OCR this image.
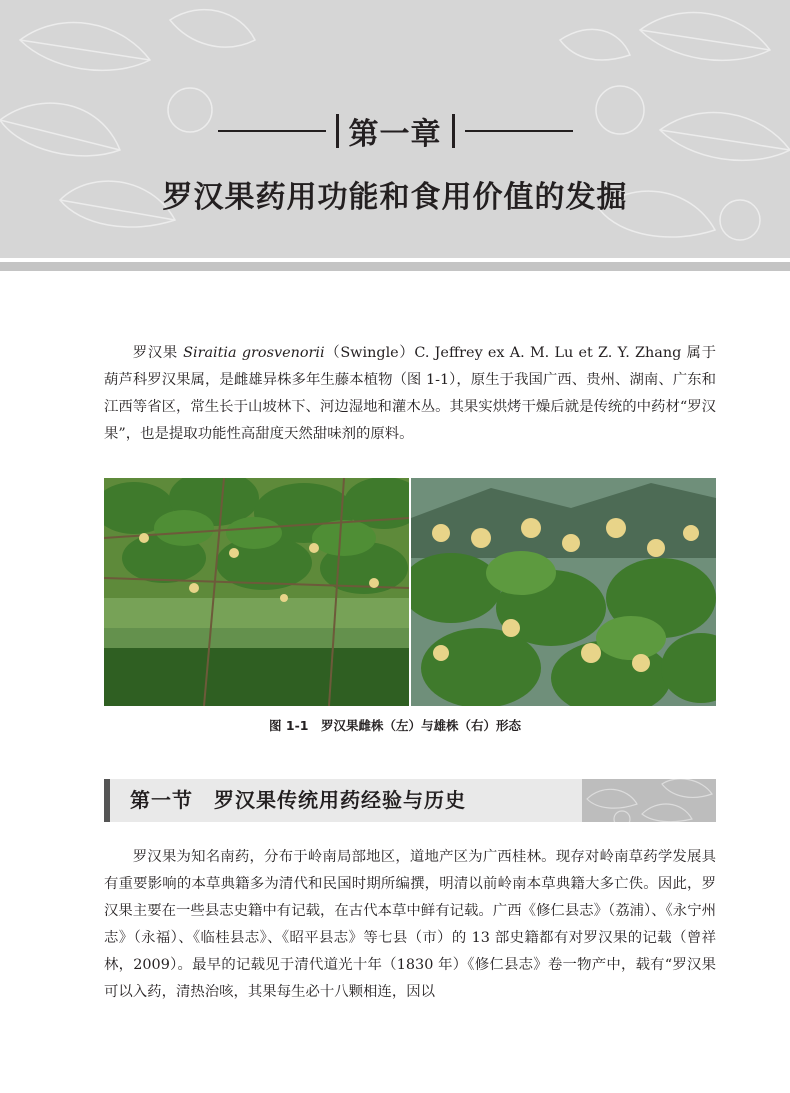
第一章
罗汉果药用功能和食用价值的发掘

罗汉果 Siraitia grosvenorii（Swingle）C. Jeffrey ex A. M. Lu et Z. Y. Zhang 属于葫芦科罗汉果属，是雌雄异株多年生藤本植物（图 1-1），原生于我国广西、贵州、湖南、广东和江西等省区，常生长于山坡林下、河边湿地和灌木丛。其果实烘烤干燥后就是传统的中药材“罗汉果”，也是提取功能性高甜度天然甜味剂的原料。

图 1-1　罗汉果雌株（左）与雄株（右）形态
第一节　罗汉果传统用药经验与历史

罗汉果为知名南药，分布于岭南局部地区，道地产区为广西桂林。现存对岭南草药学发展具有重要影响的本草典籍多为清代和民国时期所编撰，明清以前岭南本草典籍大多亡佚。因此，罗汉果主要在一些县志史籍中有记载，在古代本草中鲜有记载。广西《修仁县志》（荔浦）、《永宁州志》（永福）、《临桂县志》、《昭平县志》等七县（市）的 13 部史籍都有对罗汉果的记载（曾祥林，2009）。最早的记载见于清代道光十年（1830 年）《修仁县志》卷一物产中，载有“罗汉果可以入药，清热治咳，其果每生必十八颗相连，因以
